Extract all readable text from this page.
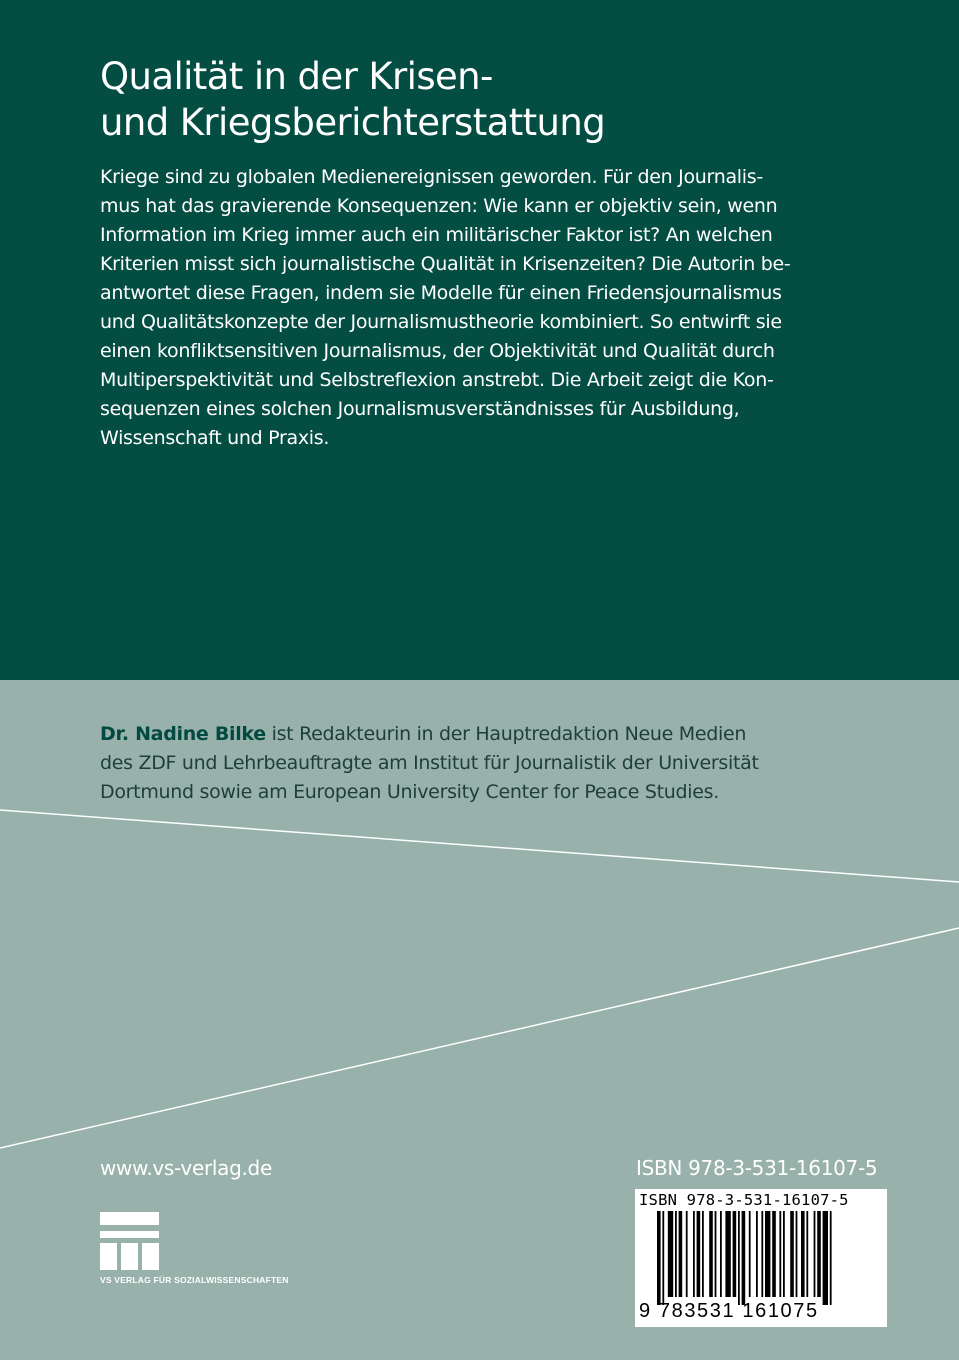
Qualität in der Krisen-
und Kriegsberichterstattung
Kriege sind zu globalen Medienereignissen geworden. Für den Journalis-
mus hat das gravierende Konsequenzen: Wie kann er objektiv sein, wenn
Information im Krieg immer auch ein militärischer Faktor ist? An welchen
Kriterien misst sich journalistische Qualität in Krisenzeiten? Die Autorin be-
antwortet diese Fragen, indem sie Modelle für einen Friedensjournalismus
und Qualitätskonzepte der Journalismustheorie kombiniert. So entwirft sie
einen konfliktsensitiven Journalismus, der Objektivität und Qualität durch
Multiperspektivität und Selbstreflexion anstrebt. Die Arbeit zeigt die Kon-
sequenzen eines solchen Journalismusverständnisses für Ausbildung,
Wissenschaft und Praxis.
Dr. Nadine Bilke ist Redakteurin in der Hauptredaktion Neue Medien
des ZDF und Lehrbeauftragte am Institut für Journalistik der Universität
Dortmund sowie am European University Center for Peace Studies.
www.vs-verlag.de	ISBN 978-3-531-16107-5
VS VERLAG FÜR SOZIALWISSENSCHAFTEN
ISBN 978-3-531-16107-5
9 783531 161075
